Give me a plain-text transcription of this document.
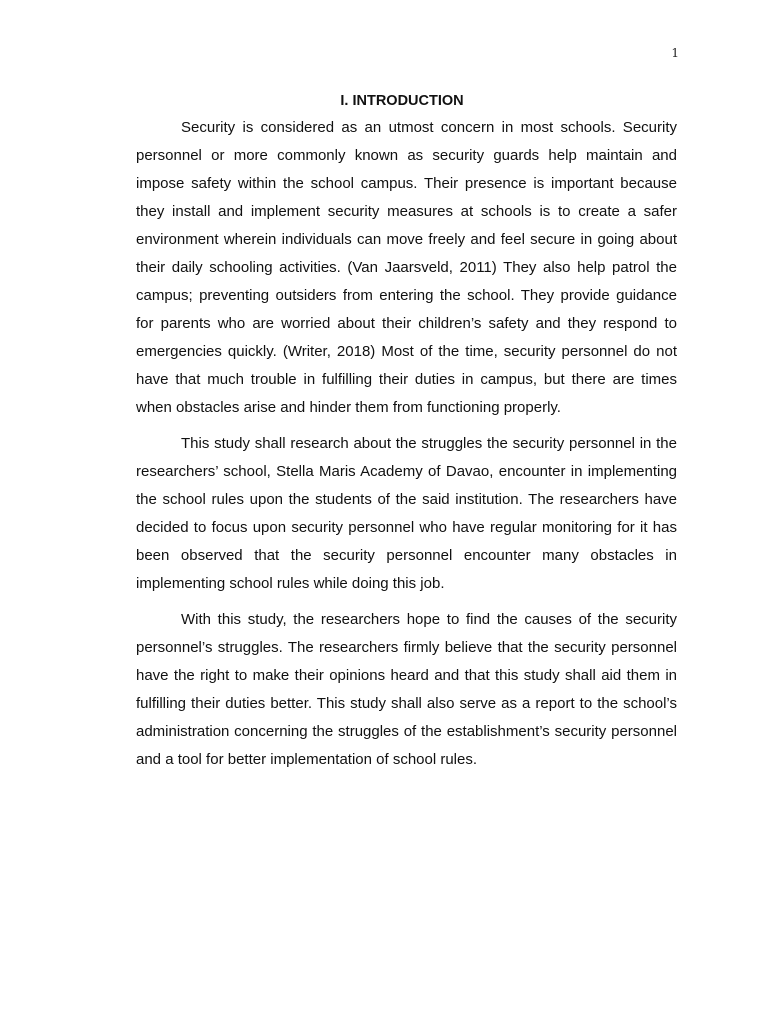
1
I. INTRODUCTION

Security is considered as an utmost concern in most schools. Security personnel or more commonly known as security guards help maintain and impose safety within the school campus. Their presence is important because they install and implement security measures at schools is to create a safer environment wherein individuals can move freely and feel secure in going about their daily schooling activities. (Van Jaarsveld, 2011) They also help patrol the campus; preventing outsiders from entering the school. They provide guidance for parents who are worried about their children’s safety and they respond to emergencies quickly. (Writer, 2018) Most of the time, security personnel do not have that much trouble in fulfilling their duties in campus, but there are times when obstacles arise and hinder them from functioning properly.

This study shall research about the struggles the security personnel in the researchers’ school, Stella Maris Academy of Davao, encounter in implementing the school rules upon the students of the said institution. The researchers have decided to focus upon security personnel who have regular monitoring for it has been observed that the security personnel encounter many obstacles in implementing school rules while doing this job.

With this study, the researchers hope to find the causes of the security personnel’s struggles. The researchers firmly believe that the security personnel have the right to make their opinions heard and that this study shall aid them in fulfilling their duties better. This study shall also serve as a report to the school’s administration concerning the struggles of the establishment’s security personnel and a tool for better implementation of school rules.
